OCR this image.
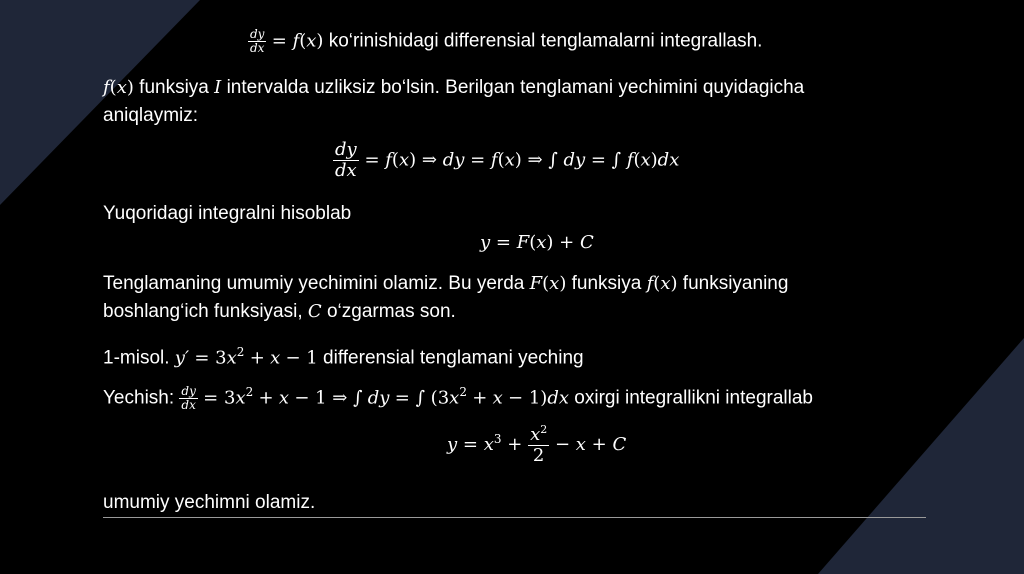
$\frac{dy}{dx} = f(x)$ ko‘rinishidagi differensial tenglamalarni integrallash.
f(x) funksiya I intervalda uzliksiz bo‘lsin. Berilgan tenglamani yechimini quyidagicha
aniqlaymiz:
$\frac{dy}{dx} = f(x)$ ⇒ dy = f(x) ⇒ ∫ dy = ∫ f(x)dx
Yuqoridagi integralni hisoblab
y = F(x) + C
Tenglamaning umumiy yechimini olamiz. Bu yerda F(x) funksiya f(x) funksiyaning
boshlang‘ich funksiyasi, C o‘zgarmas son.
1-misol. $y' = 3x^2 + x - 1$ differensial tenglamani yeching
Yechish: $\frac{dy}{dx} = 3x^2 + x - 1$ ⇒ ∫ dy = ∫ $(3x^2 + x - 1)dx$ oxirgi integrallikni integrallab
$y = x^3 + \frac{x^2}{2} - x + C$
umumiy yechimni olamiz.
